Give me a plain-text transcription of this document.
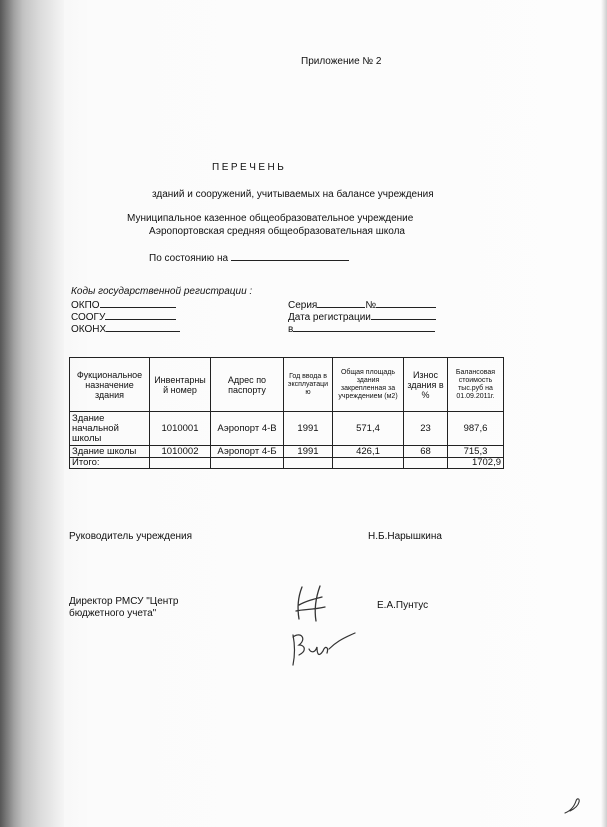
Приложение № 2
ПЕРЕЧЕНЬ
зданий и сооружений, учитываемых на балансе учреждения
Муниципальное казенное общеобразовательное учреждение
Аэропортовская средняя общеобразовательная школа
По состоянию на
Коды государственной регистрации :
ОКПО
СООГУ
ОКОНХ
Серия	№
Дата регистрации
в
Фукциональное назначение здания	Инвентарны й номер	Адрес по паспорту	Год ввода в эксплуатаци ю	Общая площадь здания закрепленная за учреждением (м2)	Износ здания в %	Балансовая стоимость тыс.руб на 01.09.2011г.
Здание начальной школы	1010001	Аэропорт 4-В	1991	571,4	23	987,6
Здание школы	1010002	Аэропорт 4-Б	1991	426,1	68	715,3
Итого:						1702,9
Руководитель учреждения	Н.Б.Нарышкина
Директор РМСУ "Центр
бюджетного учета"
Е.А.Пунтус
